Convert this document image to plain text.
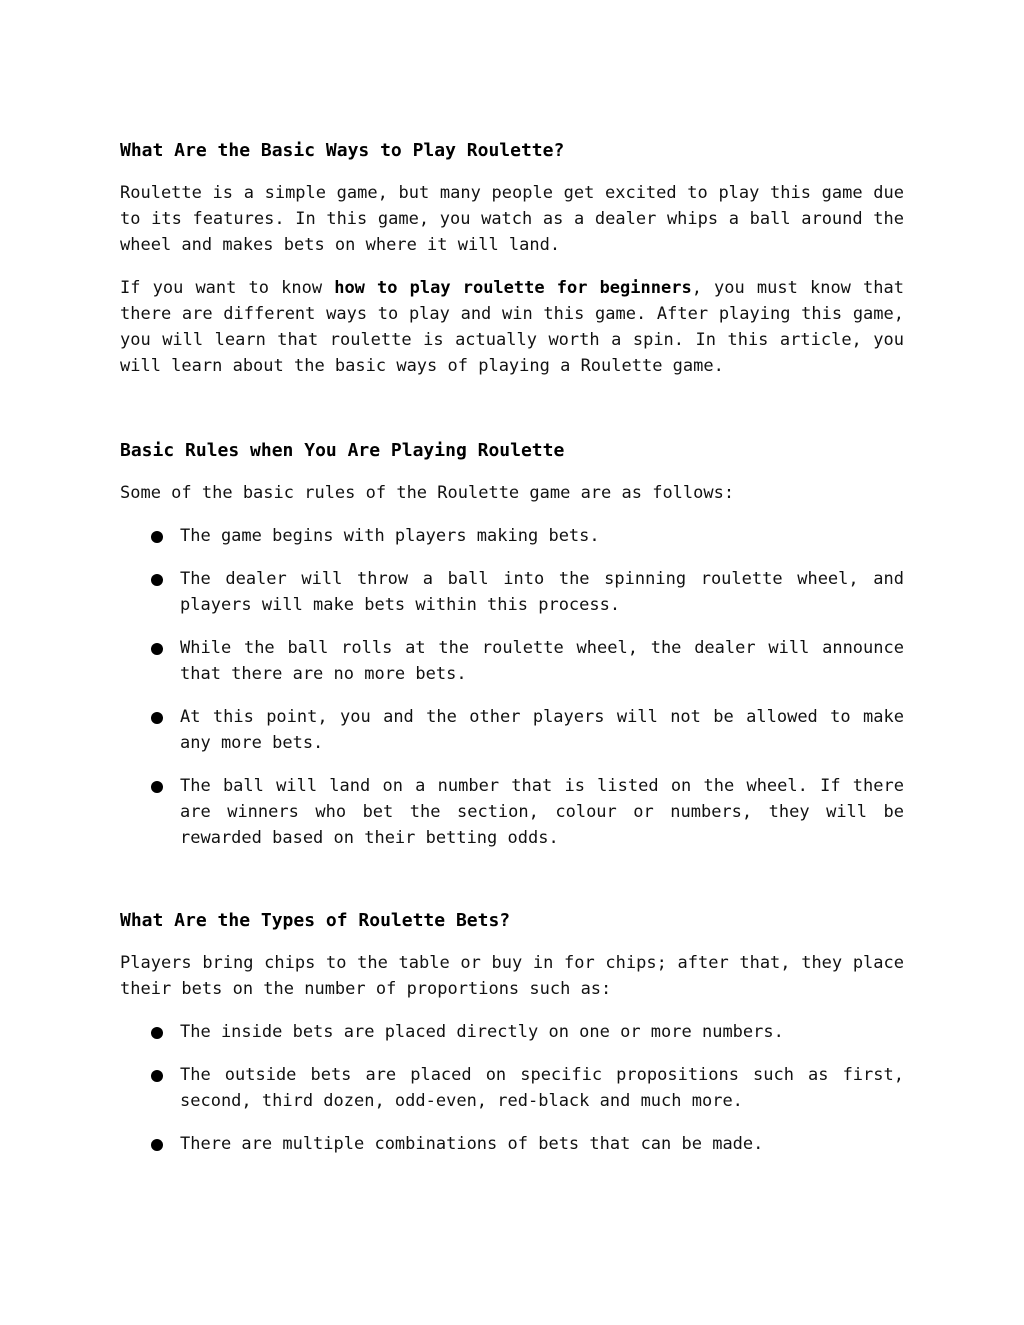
What Are the Basic Ways to Play Roulette?

Roulette is a simple game, but many people get excited to play this game due to its features. In this game, you watch as a dealer whips a ball around the wheel and makes bets on where it will land.

If you want to know how to play roulette for beginners, you must know that there are different ways to play and win this game. After playing this game, you will learn that roulette is actually worth a spin. In this article, you will learn about the basic ways of playing a Roulette game.

Basic Rules when You Are Playing Roulette

Some of the basic rules of the Roulette game are as follows:

The game begins with players making bets.
The dealer will throw a ball into the spinning roulette wheel, and players will make bets within this process.
While the ball rolls at the roulette wheel, the dealer will announce that there are no more bets.
At this point, you and the other players will not be allowed to make any more bets.
The ball will land on a number that is listed on the wheel. If there are winners who bet the section, colour or numbers, they will be rewarded based on their betting odds.
What Are the Types of Roulette Bets?

Players bring chips to the table or buy in for chips; after that, they place their bets on the number of proportions such as:

The inside bets are placed directly on one or more numbers.
The outside bets are placed on specific propositions such as first, second, third dozen, odd-even, red-black and much more.
There are multiple combinations of bets that can be made.
